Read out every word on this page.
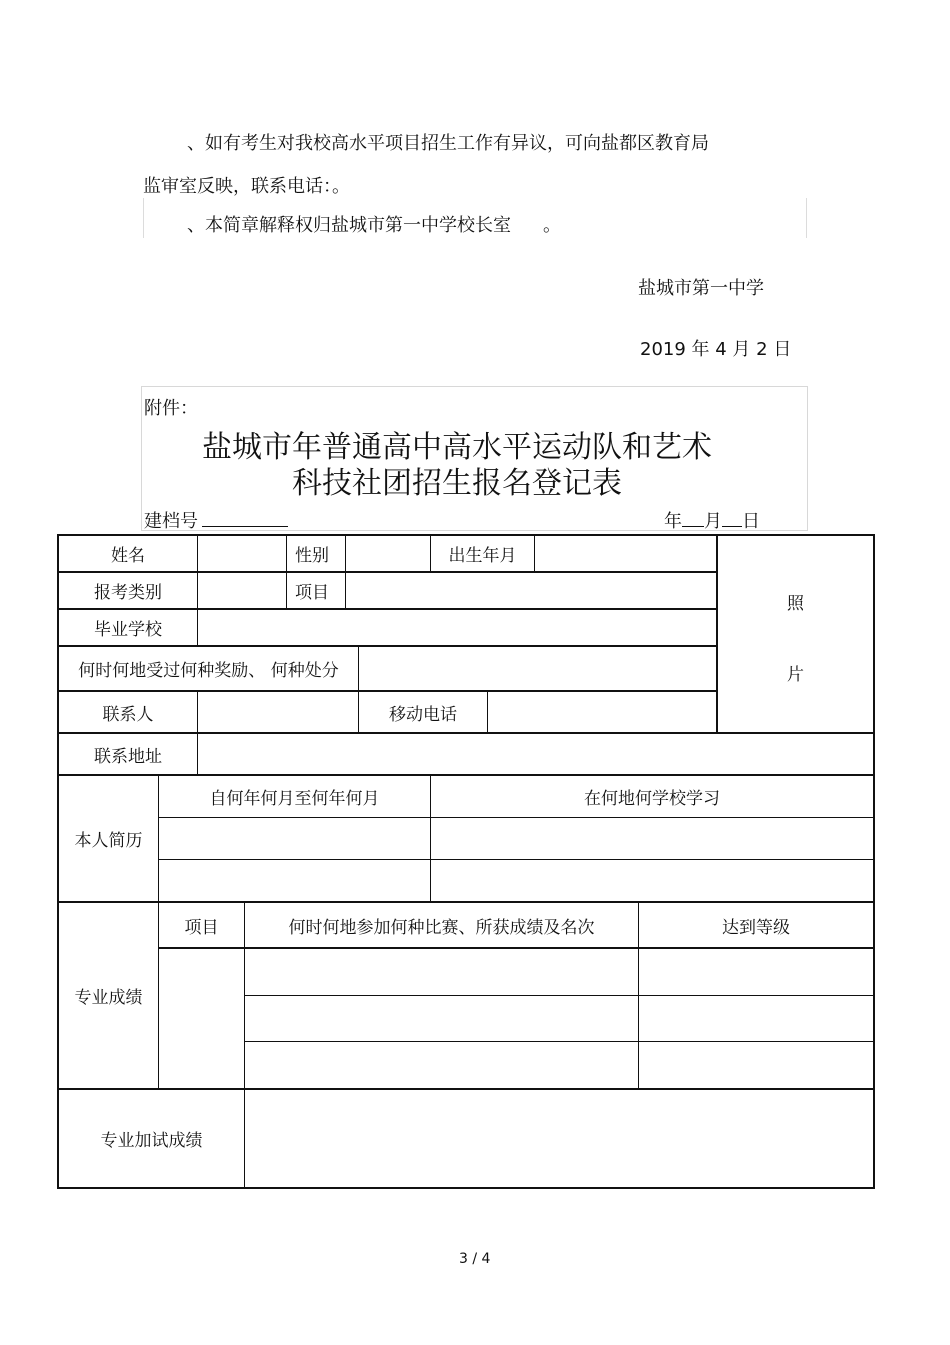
、如有考生对我校高水平项目招生工作有异议，可向盐都区教育局
监审室反映，联系电话：。
、本简章解释权归盐城市第一中学校长室 。
盐城市第一中学
2019 年 4 月 2 日
附件：
盐城市年普通高中高水平运动队和艺术
科技社团招生报名登记表
建档号	年 月 日
姓名	性别	出生年月
照
片
报考类别	项目
毕业学校
何时何地受过何种奖励、 何种处分
联系人	移动电话
联系地址
本人简历
自何年何月至何年何月	在何地何学校学习
专业成绩
项目	何时何地参加何种比赛、所获成绩及名次	达到等级
专业加试成绩
3 / 4
